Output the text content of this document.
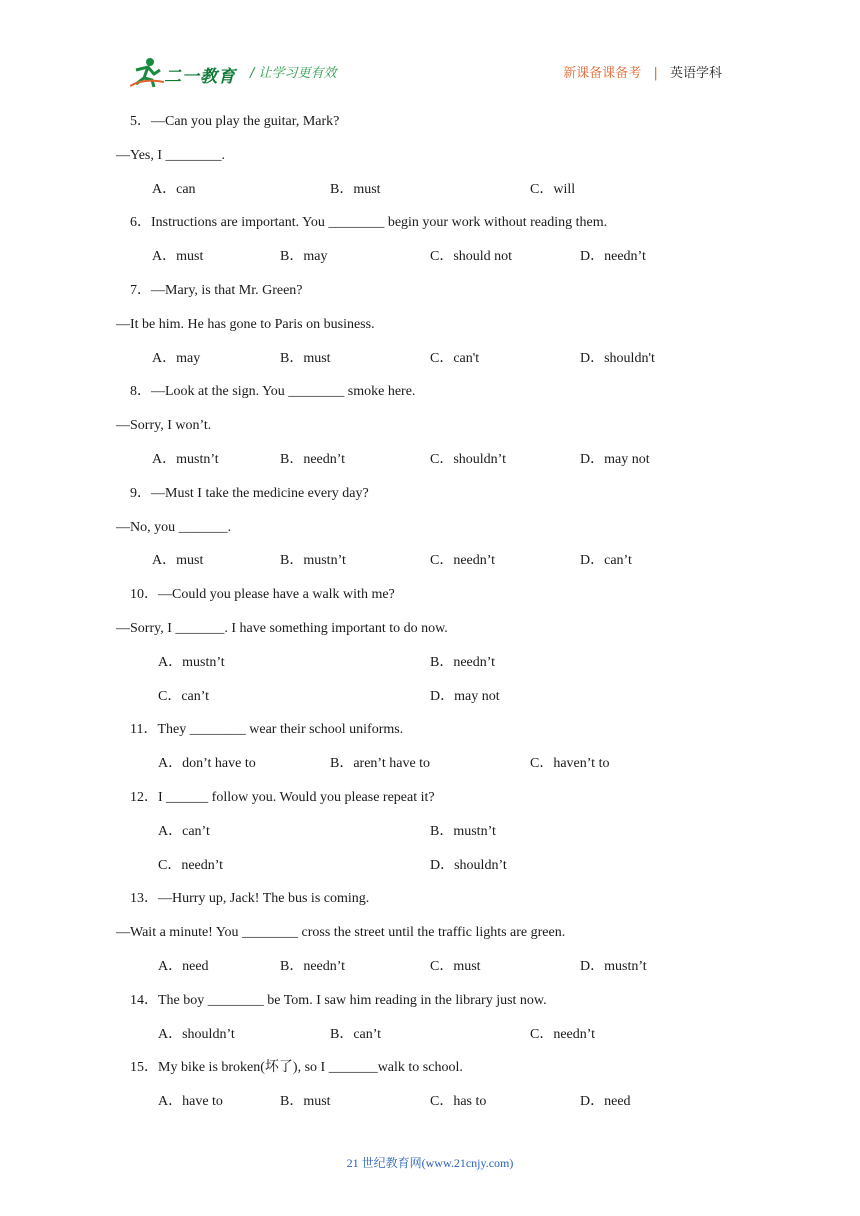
二一教育 / 让学习更有效	新课备课备考 | 英语学科
5．—Can you play the guitar, Mark?
—Yes, I ________.
A．can	B．must	C．will
6．Instructions are important. You ________ begin your work without reading them.
A．must	B．may	C．should not	D．needn’t
7．—Mary, is that Mr. Green?
—It be him. He has gone to Paris on business.
A．may	B．must	C．can't	D．shouldn't
8．—Look at the sign. You ________ smoke here.
—Sorry, I won’t.
A．mustn’t	B．needn’t	C．shouldn’t	D．may not
9．—Must I take the medicine every day?
—No, you _______.
A．must	B．mustn’t	C．needn’t	D．can’t
10．—Could you please have a walk with me?
—Sorry, I _______. I have something important to do now.
A．mustn’t	B．needn’t
C．can’t	D．may not
11．They ________ wear their school uniforms.
A．don’t have to	B．aren’t have to	C．haven’t to
12．I ______ follow you. Would you please repeat it?
A．can’t	B．mustn’t
C．needn’t	D．shouldn’t
13．—Hurry up, Jack! The bus is coming.
—Wait a minute! You ________ cross the street until the traffic lights are green.
A．need	B．needn’t	C．must	D．mustn’t
14．The boy ________ be Tom. I saw him reading in the library just now.
A．shouldn’t	B．can’t	C．needn’t
15．My bike is broken(坏了), so I _______walk to school.
A．have to	B．must	C．has to	D．need
21 世纪教育网(www.21cnjy.com)
